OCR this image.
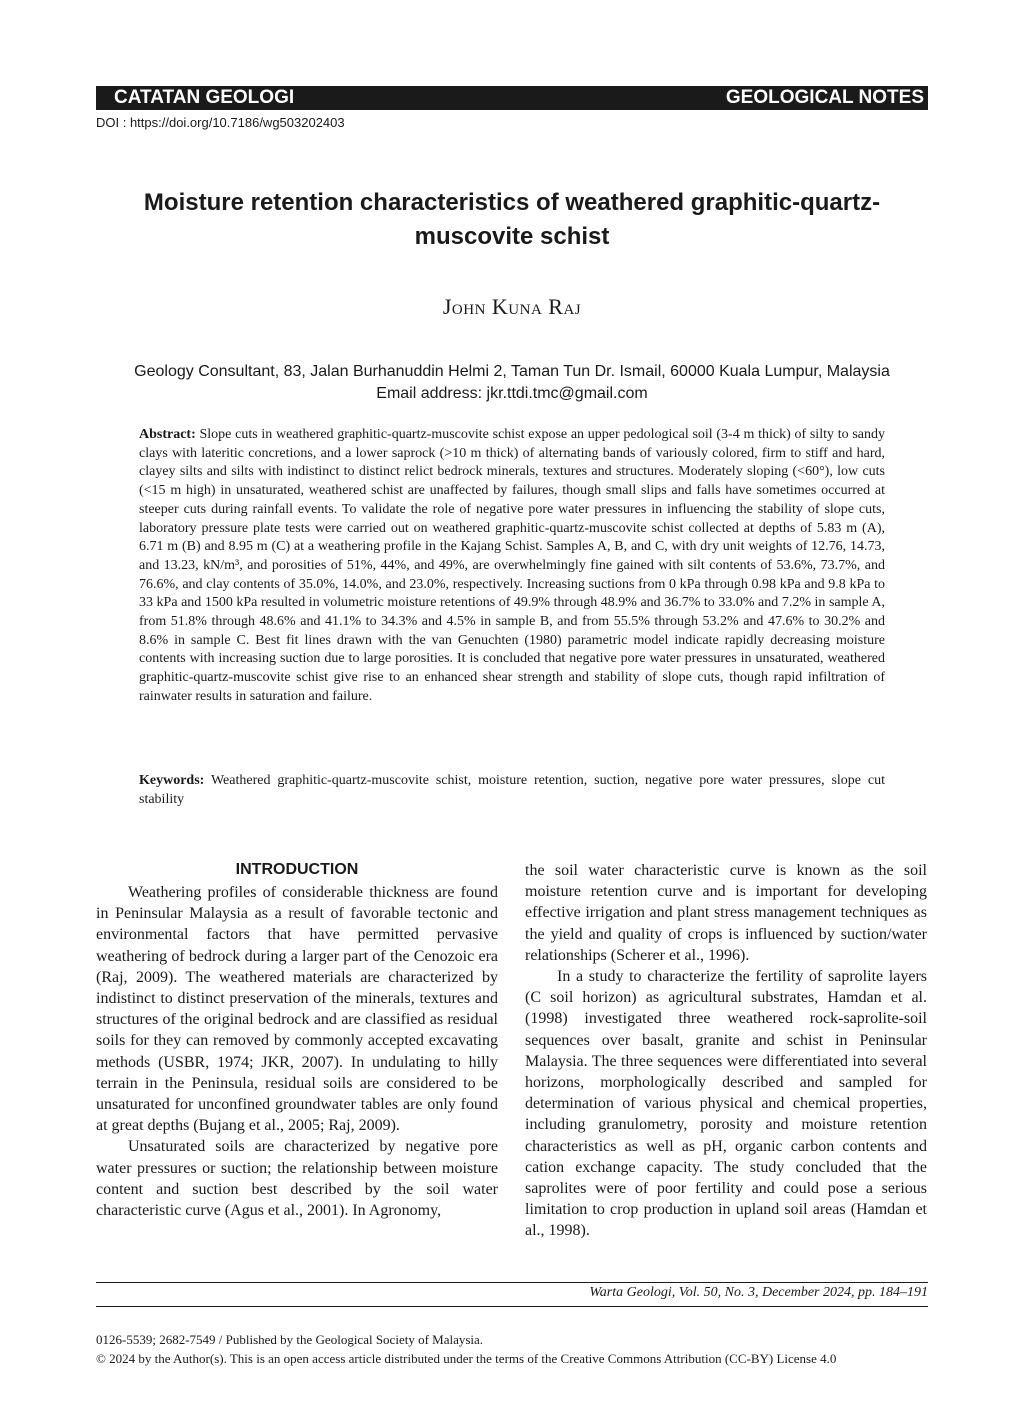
CATATAN GEOLOGI	GEOLOGICAL NOTES
DOI : https://doi.org/10.7186/wg503202403
Moisture retention characteristics of weathered graphitic-quartz-
muscovite schist
John Kuna Raj
Geology Consultant, 83, Jalan Burhanuddin Helmi 2, Taman Tun Dr. Ismail, 60000 Kuala Lumpur, Malaysia
Email address: jkr.ttdi.tmc@gmail.com
Abstract: Slope cuts in weathered graphitic-quartz-muscovite schist expose an upper pedological soil (3-4 m thick) of silty to sandy clays with lateritic concretions, and a lower saprock (>10 m thick) of alternating bands of variously colored, firm to stiff and hard, clayey silts and silts with indistinct to distinct relict bedrock minerals, textures and structures. Moderately sloping (<60°), low cuts (<15 m high) in unsaturated, weathered schist are unaffected by failures, though small slips and falls have sometimes occurred at steeper cuts during rainfall events. To validate the role of negative pore water pressures in influencing the stability of slope cuts, laboratory pressure plate tests were carried out on weathered graphitic-quartz-muscovite schist collected at depths of 5.83 m (A), 6.71 m (B) and 8.95 m (C) at a weathering profile in the Kajang Schist. Samples A, B, and C, with dry unit weights of 12.76, 14.73, and 13.23, kN/m³, and porosities of 51%, 44%, and 49%, are overwhelmingly fine gained with silt contents of 53.6%, 73.7%, and 76.6%, and clay contents of 35.0%, 14.0%, and 23.0%, respectively. Increasing suctions from 0 kPa through 0.98 kPa and 9.8 kPa to 33 kPa and 1500 kPa resulted in volumetric moisture retentions of 49.9% through 48.9% and 36.7% to 33.0% and 7.2% in sample A, from 51.8% through 48.6% and 41.1% to 34.3% and 4.5% in sample B, and from 55.5% through 53.2% and 47.6% to 30.2% and 8.6% in sample C. Best fit lines drawn with the van Genuchten (1980) parametric model indicate rapidly decreasing moisture contents with increasing suction due to large porosities. It is concluded that negative pore water pressures in unsaturated, weathered graphitic-quartz-muscovite schist give rise to an enhanced shear strength and stability of slope cuts, though rapid infiltration of rainwater results in saturation and failure.
Keywords: Weathered graphitic-quartz-muscovite schist, moisture retention, suction, negative pore water pressures, slope cut stability
INTRODUCTION

Weathering profiles of considerable thickness are found in Peninsular Malaysia as a result of favorable tectonic and environmental factors that have permitted pervasive weathering of bedrock during a larger part of the Cenozoic era (Raj, 2009). The weathered materials are characterized by indistinct to distinct preservation of the minerals, textures and structures of the original bedrock and are classified as residual soils for they can removed by commonly accepted excavating methods (USBR, 1974; JKR, 2007). In undulating to hilly terrain in the Peninsula, residual soils are considered to be unsaturated for unconfined groundwater tables are only found at great depths (Bujang et al., 2005; Raj, 2009).

Unsaturated soils are characterized by negative pore water pressures or suction; the relationship between moisture content and suction best described by the soil water characteristic curve (Agus et al., 2001). In Agronomy,

the soil water characteristic curve is known as the soil moisture retention curve and is important for developing effective irrigation and plant stress management techniques as the yield and quality of crops is influenced by suction/water relationships (Scherer et al., 1996).

In a study to characterize the fertility of saprolite layers (C soil horizon) as agricultural substrates, Hamdan et al. (1998) investigated three weathered rock-saprolite-soil sequences over basalt, granite and schist in Peninsular Malaysia. The three sequences were differentiated into several horizons, morphologically described and sampled for determination of various physical and chemical properties, including granulometry, porosity and moisture retention characteristics as well as pH, organic carbon contents and cation exchange capacity. The study concluded that the saprolites were of poor fertility and could pose a serious limitation to crop production in upland soil areas (Hamdan et al., 1998).

Warta Geologi, Vol. 50, No. 3, December 2024, pp. 184–191
0126-5539; 2682-7549 / Published by the Geological Society of Malaysia.
© 2024 by the Author(s). This is an open access article distributed under the terms of the Creative Commons Attribution (CC-BY) License 4.0
